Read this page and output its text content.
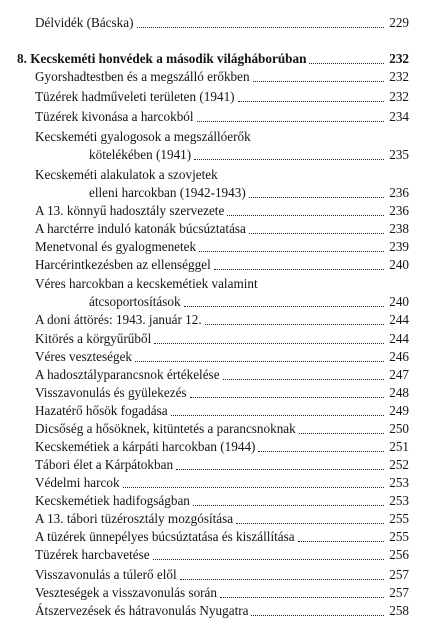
Délvidék (Bácska)	229
8. Kecskeméti honvédek a második világháborúban	232
Gyorshadtestben és a megszálló erőkben	232
Tüzérek hadműveleti területen (1941)	232
Tüzérek kivonása a harcokból	234
Kecskeméti gyalogosok a megszállóerők
kötelékében (1941)	235
Kecskeméti alakulatok a szovjetek
elleni harcokban (1942-1943)	236
A 13. könnyű hadosztály szervezete	236
A harctérre induló katonák búcsúztatása	238
Menetvonal és gyalogmenetek	239
Harcérintkezésben az ellenséggel	240
Véres harcokban a kecskemétiek valamint
átcsoportosítások	240
A doni áttörés: 1943. január 12.	244
Kitörés a körgyűrűből	244
Véres veszteségek	246
A hadosztályparancsnok értékelése	247
Visszavonulás és gyülekezés	248
Hazatérő hősök fogadása	249
Dicsőség a hősöknek, kitüntetés a parancsnoknak	250
Kecskemétiek a kárpáti harcokban (1944)	251
Tábori élet a Kárpátokban	252
Védelmi harcok	253
Kecskemétiek hadifogságban	253
A 13. tábori tüzérosztály mozgósítása	255
A tüzérek ünnepélyes búcsúztatása és kiszállítása	255
Tüzérek harcbavetése	256
Visszavonulás a túlerő elől	257
Veszteségek a visszavonulás során	257
Átszervezések és hátravonulás Nyugatra	258
